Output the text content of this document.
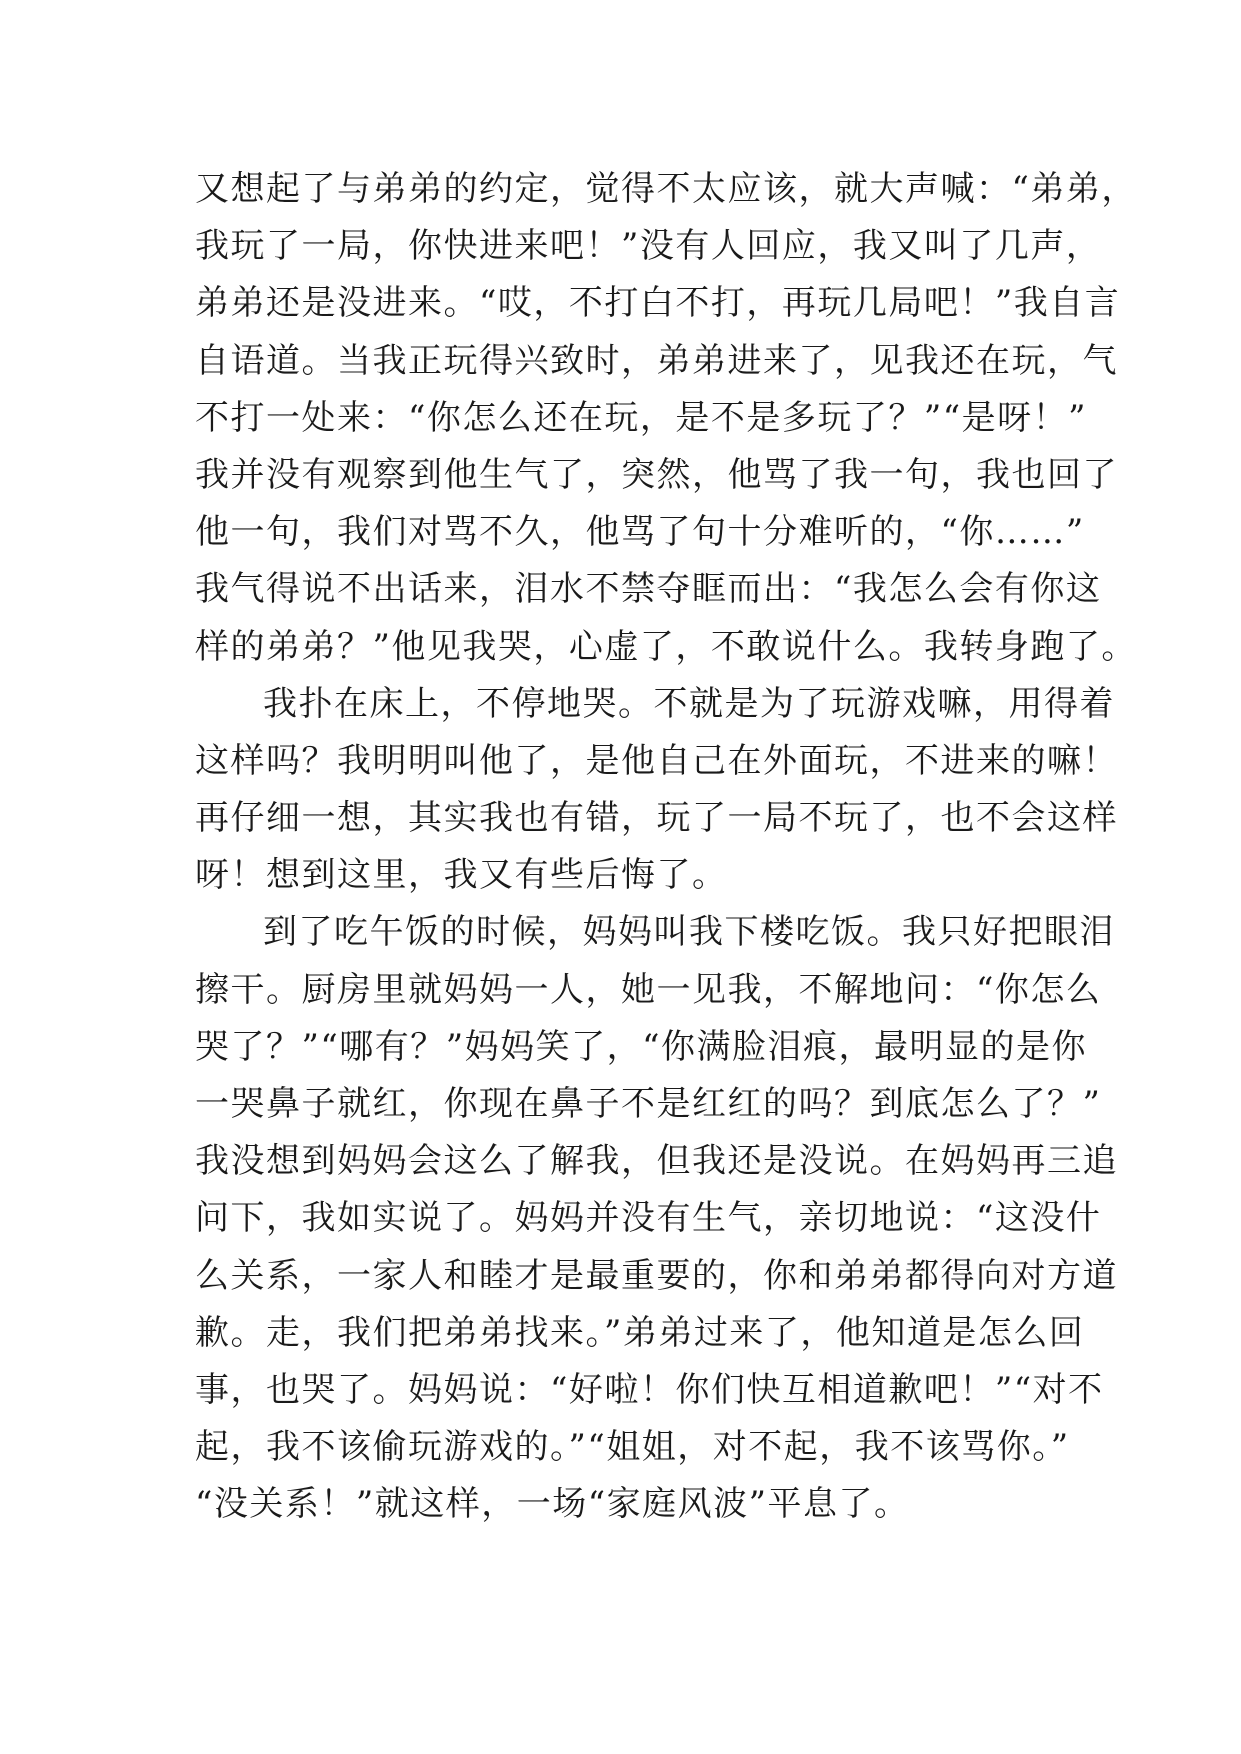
又想起了与弟弟的约定，觉得不太应该，就大声喊：“弟弟，
我玩了一局，你快进来吧！”没有人回应，我又叫了几声，
弟弟还是没进来。“哎，不打白不打，再玩几局吧！”我自言
自语道。当我正玩得兴致时，弟弟进来了，见我还在玩，气
不打一处来：“你怎么还在玩，是不是多玩了？”“是呀！”
我并没有观察到他生气了，突然，他骂了我一句，我也回了
他一句，我们对骂不久，他骂了句十分难听的，“你……”
我气得说不出话来，泪水不禁夺眶而出：“我怎么会有你这
样的弟弟？”他见我哭，心虚了，不敢说什么。我转身跑了。
我扑在床上，不停地哭。不就是为了玩游戏嘛，用得着
这样吗？我明明叫他了，是他自己在外面玩，不进来的嘛！
再仔细一想，其实我也有错，玩了一局不玩了，也不会这样
呀！想到这里，我又有些后悔了。
到了吃午饭的时候，妈妈叫我下楼吃饭。我只好把眼泪
擦干。厨房里就妈妈一人，她一见我，不解地问：“你怎么
哭了？”“哪有？”妈妈笑了，“你满脸泪痕，最明显的是你
一哭鼻子就红，你现在鼻子不是红红的吗？到底怎么了？”
我没想到妈妈会这么了解我，但我还是没说。在妈妈再三追
问下，我如实说了。妈妈并没有生气，亲切地说：“这没什
么关系，一家人和睦才是最重要的，你和弟弟都得向对方道
歉。走，我们把弟弟找来。”弟弟过来了，他知道是怎么回
事，也哭了。妈妈说：“好啦！你们快互相道歉吧！”“对不
起，我不该偷玩游戏的。”“姐姐，对不起，我不该骂你。”
“没关系！”就这样，一场“家庭风波”平息了。
